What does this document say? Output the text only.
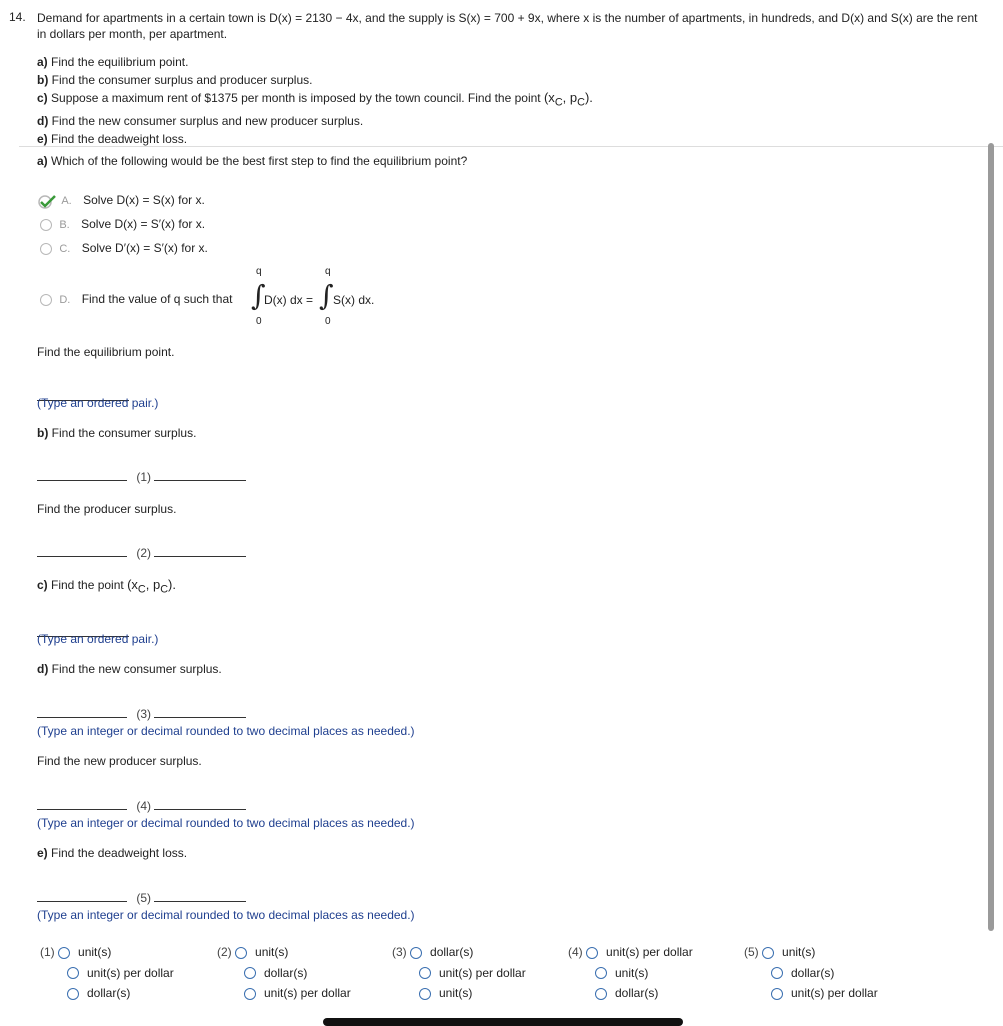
14. Demand for apartments in a certain town is D(x) = 2130 − 4x, and the supply is S(x) = 700 + 9x, where x is the number of apartments, in hundreds, and D(x) and S(x) are the rent in dollars per month, per apartment.
a) Find the equilibrium point.
b) Find the consumer surplus and producer surplus.
c) Suppose a maximum rent of $1375 per month is imposed by the town council. Find the point ($x_C$, $p_C$).
d) Find the new consumer surplus and new producer surplus.
e) Find the deadweight loss.
a) Which of the following would be the best first step to find the equilibrium point?
A. Solve D(x) = S(x) for x.
B. Solve D(x) = S′(x) for x.
C. Solve D′(x) = S′(x) for x.
D. Find the value of q such that
q
∫
0
D(x) dx =
q
∫
0
S(x) dx.
Find the equilibrium point.
(Type an ordered pair.)
b) Find the consumer surplus.
(1)
Find the producer surplus.
(2)
c) Find the point ($x_C$, $p_C$).
(Type an ordered pair.)
d) Find the new consumer surplus.
(3)
(Type an integer or decimal rounded to two decimal places as needed.)
Find the new producer surplus.
(4)
(Type an integer or decimal rounded to two decimal places as needed.)
e) Find the deadweight loss.
(5)
(Type an integer or decimal rounded to two decimal places as needed.)
(1) unit(s)
unit(s) per dollar
dollar(s)
(2) unit(s)
dollar(s)
unit(s) per dollar
(3) dollar(s)
unit(s) per dollar
unit(s)
(4) unit(s) per dollar
unit(s)
dollar(s)
(5) unit(s)
dollar(s)
unit(s) per dollar
